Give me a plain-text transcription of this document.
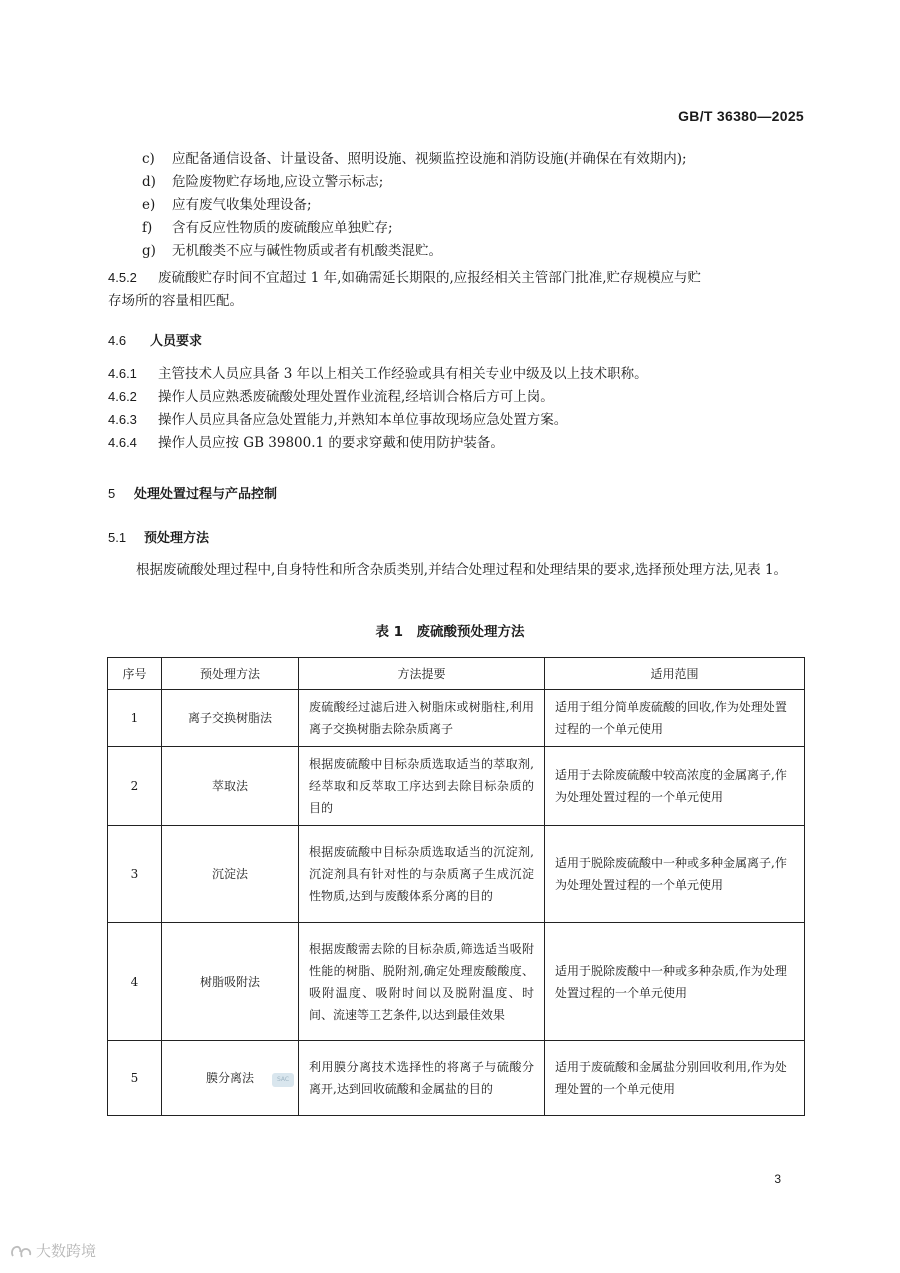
GB/T 36380—2025
c)	应配备通信设备、计量设备、照明设施、视频监控设施和消防设施(并确保在有效期内);
d)	危险废物贮存场地,应设立警示标志;
e)	应有废气收集处理设备;
f)	含有反应性物质的废硫酸应单独贮存;
g)	无机酸类不应与碱性物质或者有机酸类混贮。
4.5.2 废硫酸贮存时间不宜超过 1 年,如确需延长期限的,应报经相关主管部门批准,贮存规模应与贮
存场所的容量相匹配。
4.6 人员要求
4.6.1 主管技术人员应具备 3 年以上相关工作经验或具有相关专业中级及以上技术职称。
4.6.2 操作人员应熟悉废硫酸处理处置作业流程,经培训合格后方可上岗。
4.6.3 操作人员应具备应急处置能力,并熟知本单位事故现场应急处置方案。
4.6.4 操作人员应按 GB 39800.1 的要求穿戴和使用防护装备。
5 处理处置过程与产品控制
5.1 预处理方法
根据废硫酸处理过程中,自身特性和所含杂质类别,并结合处理过程和处理结果的要求,选择预处理方法,见表 1。
表 1　废硫酸预处理方法
序号	预处理方法	方法提要	适用范围
1	离子交换树脂法	废硫酸经过滤后进入树脂床或树脂柱,利用离子交换树脂去除杂质离子	适用于组分简单废硫酸的回收,作为处理处置过程的一个单元使用
2	萃取法	根据废硫酸中目标杂质选取适当的萃取剂,经萃取和反萃取工序达到去除目标杂质的目的	适用于去除废硫酸中较高浓度的金属离子,作为处理处置过程的一个单元使用
3	沉淀法	根据废硫酸中目标杂质选取适当的沉淀剂,沉淀剂具有针对性的与杂质离子生成沉淀性物质,达到与废酸体系分离的目的	适用于脱除废硫酸中一种或多种金属离子,作为处理处置过程的一个单元使用
4	树脂吸附法	根据废酸需去除的目标杂质,筛选适当吸附性能的树脂、脱附剂,确定处理废酸酸度、吸附温度、吸附时间以及脱附温度、时间、流速等工艺条件,以达到最佳效果	适用于脱除废酸中一种或多种杂质,作为处理处置过程的一个单元使用
5	膜分离法	利用膜分离技术选择性的将离子与硫酸分离开,达到回收硫酸和金属盐的目的	适用于废硫酸和金属盐分别回收利用,作为处理处置的一个单元使用
SAC
3
大数跨境
